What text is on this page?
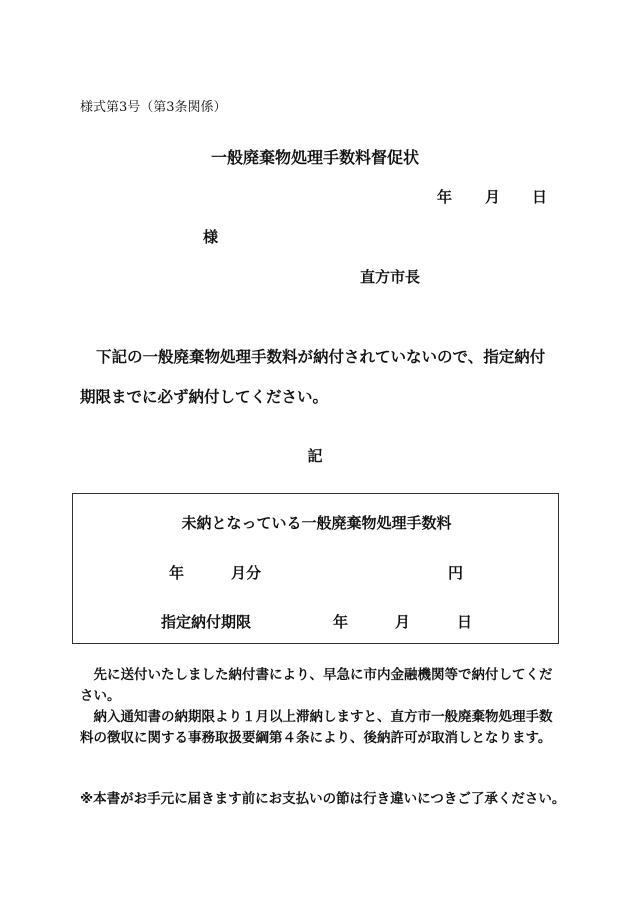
様式第3号（第3条関係）
一般廃棄物処理手数料督促状
年 月 日
様
直方市長
下記の一般廃棄物処理手数料が納付されていないので、指定納付
期限までに必ず納付してください。
記
未納となっている一般廃棄物処理手数料
年	月分	円
指定納付期限	年	月	日

先に送付いたしました納付書により、早急に市内金融機関等で納付してください。

納入通知書の納期限より１月以上滞納しますと、直方市一般廃棄物処理手数料の徴収に関する事務取扱要綱第４条により、後納許可が取消しとなります。

※本書がお手元に届きます前にお支払いの節は行き違いにつきご了承ください。
